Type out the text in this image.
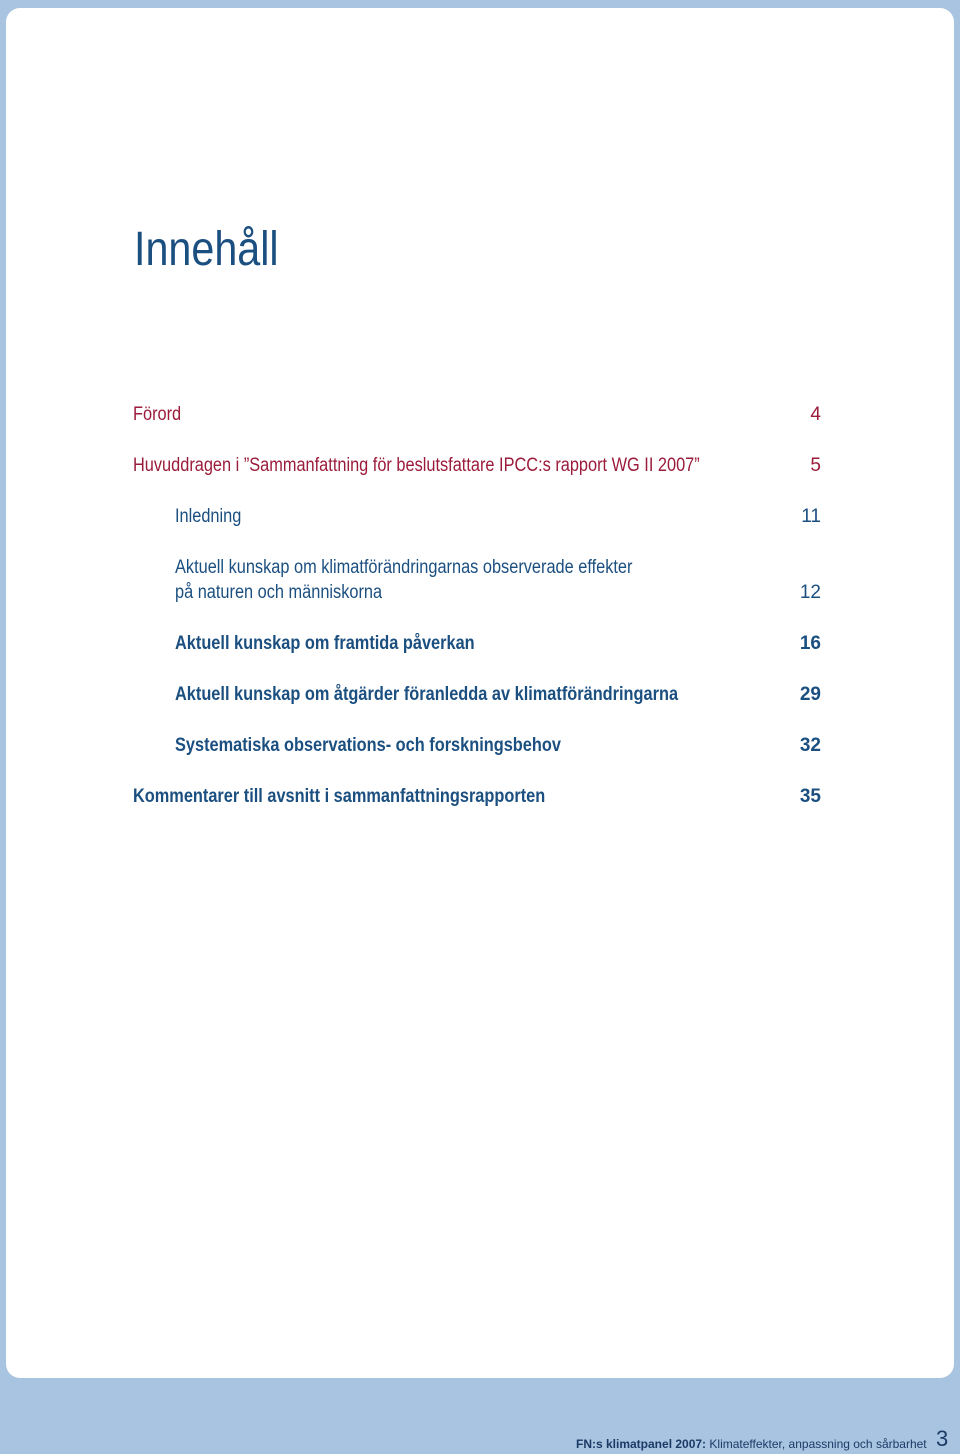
Innehåll
Förord	4
Huvuddragen i ”Sammanfattning för beslutsfattare IPCC:s rapport WG II 2007”	5
Inledning	11
Aktuell kunskap om klimatförändringarnas observerade effekter
på naturen och människorna	12
Aktuell kunskap om framtida påverkan	16
Aktuell kunskap om åtgärder föranledda av klimatförändringarna	29
Systematiska observations- och forskningsbehov	32
Kommentarer till avsnitt i sammanfattningsrapporten	35
FN:s klimatpanel 2007: Klimateffekter, anpassning och sårbarhet 3
